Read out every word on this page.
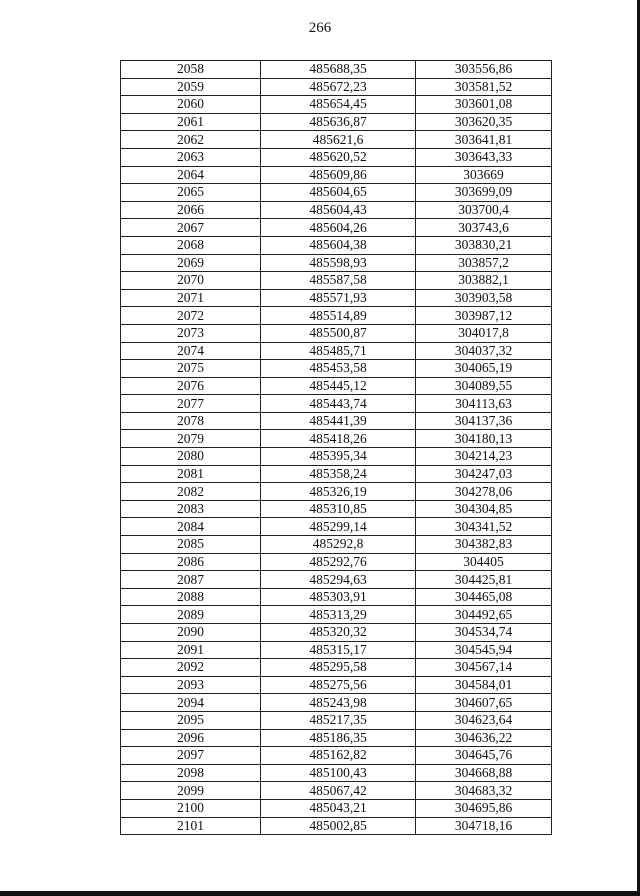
266
2058	485688,35	303556,86
2059	485672,23	303581,52
2060	485654,45	303601,08
2061	485636,87	303620,35
2062	485621,6	303641,81
2063	485620,52	303643,33
2064	485609,86	303669
2065	485604,65	303699,09
2066	485604,43	303700,4
2067	485604,26	303743,6
2068	485604,38	303830,21
2069	485598,93	303857,2
2070	485587,58	303882,1
2071	485571,93	303903,58
2072	485514,89	303987,12
2073	485500,87	304017,8
2074	485485,71	304037,32
2075	485453,58	304065,19
2076	485445,12	304089,55
2077	485443,74	304113,63
2078	485441,39	304137,36
2079	485418,26	304180,13
2080	485395,34	304214,23
2081	485358,24	304247,03
2082	485326,19	304278,06
2083	485310,85	304304,85
2084	485299,14	304341,52
2085	485292,8	304382,83
2086	485292,76	304405
2087	485294,63	304425,81
2088	485303,91	304465,08
2089	485313,29	304492,65
2090	485320,32	304534,74
2091	485315,17	304545,94
2092	485295,58	304567,14
2093	485275,56	304584,01
2094	485243,98	304607,65
2095	485217,35	304623,64
2096	485186,35	304636,22
2097	485162,82	304645,76
2098	485100,43	304668,88
2099	485067,42	304683,32
2100	485043,21	304695,86
2101	485002,85	304718,16
